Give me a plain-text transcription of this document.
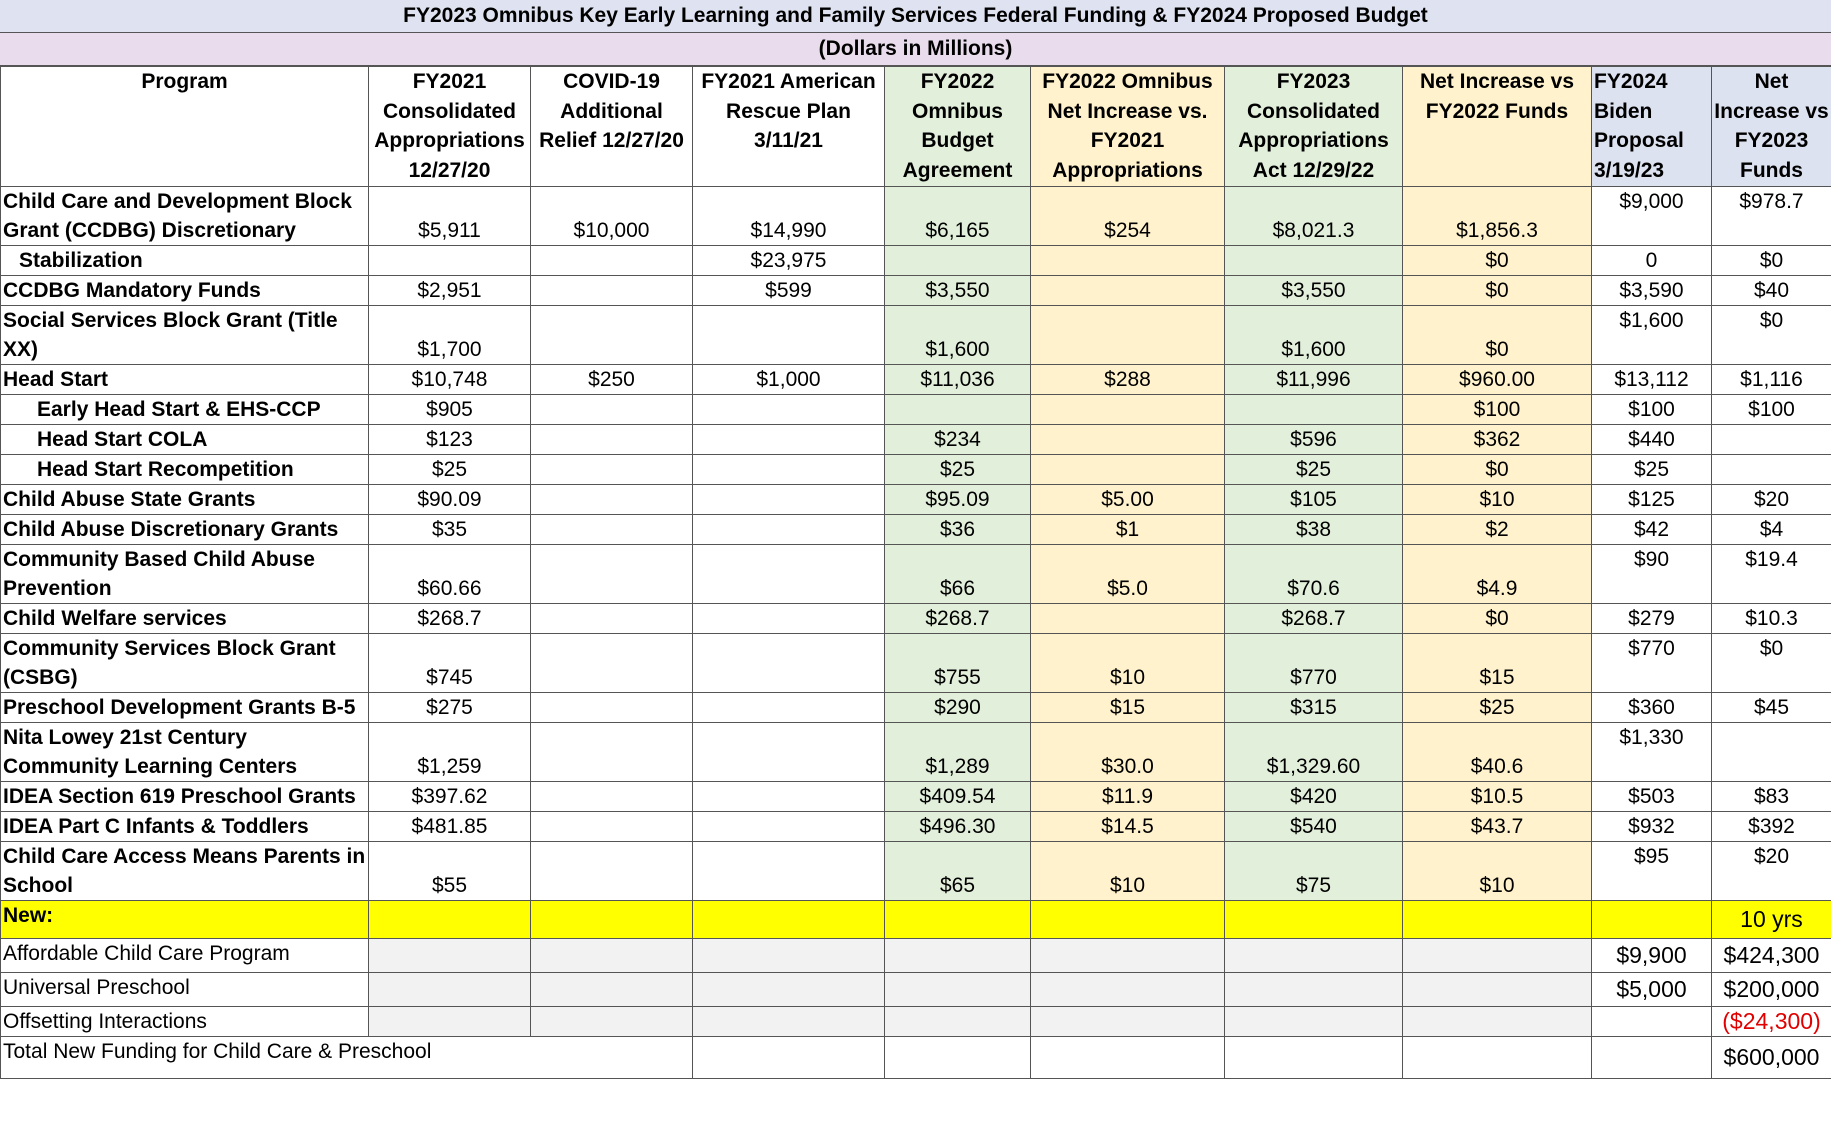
FY2023 Omnibus Key Early Learning and Family Services Federal Funding & FY2024 Proposed Budget
(Dollars in Millions)
Program	FY2021 Consolidated Appropriations 12/27/20	COVID-19 Additional Relief 12/27/20	FY2021 American Rescue Plan 3/11/21	FY2022 Omnibus Budget Agreement	FY2022 Omnibus Net Increase vs. FY2021 Appropriations	FY2023 Consolidated Appropriations Act 12/29/22	Net Increase vs FY2022 Funds	FY2024 Biden Proposal 3/19/23	Net Increase vs FY2023 Funds
Child Care and Development Block Grant (CCDBG) Discretionary	$5,911	$10,000	$14,990	$6,165	$254	$8,021.3	$1,856.3	$9,000	$978.7
Stabilization			$23,975				$0	0	$0
CCDBG Mandatory Funds	$2,951		$599	$3,550		$3,550	$0	$3,590	$40
Social Services Block Grant (Title XX)	$1,700			$1,600		$1,600	$0	$1,600	$0
Head Start	$10,748	$250	$1,000	$11,036	$288	$11,996	$960.00	$13,112	$1,116
Early Head Start & EHS-CCP	$905						$100	$100	$100
Head Start COLA	$123			$234		$596	$362	$440	
Head Start Recompetition	$25			$25		$25	$0	$25	
Child Abuse State Grants	$90.09			$95.09	$5.00	$105	$10	$125	$20
Child Abuse Discretionary Grants	$35			$36	$1	$38	$2	$42	$4
Community Based Child Abuse Prevention	$60.66			$66	$5.0	$70.6	$4.9	$90	$19.4
Child Welfare services	$268.7			$268.7		$268.7	$0	$279	$10.3
Community Services Block Grant (CSBG)	$745			$755	$10	$770	$15	$770	$0
Preschool Development Grants B-5	$275			$290	$15	$315	$25	$360	$45
Nita Lowey 21st Century Community Learning Centers	$1,259			$1,289	$30.0	$1,329.60	$40.6	$1,330	
IDEA Section 619 Preschool Grants	$397.62			$409.54	$11.9	$420	$10.5	$503	$83
IDEA Part C Infants & Toddlers	$481.85			$496.30	$14.5	$540	$43.7	$932	$392
Child Care Access Means Parents in School	$55			$65	$10	$75	$10	$95	$20
New:									10 yrs
Affordable Child Care Program								$9,900	$424,300
Universal Preschool								$5,000	$200,000
Offsetting Interactions									($24,300)
Total New Funding for Child Care & Preschool									$600,000
